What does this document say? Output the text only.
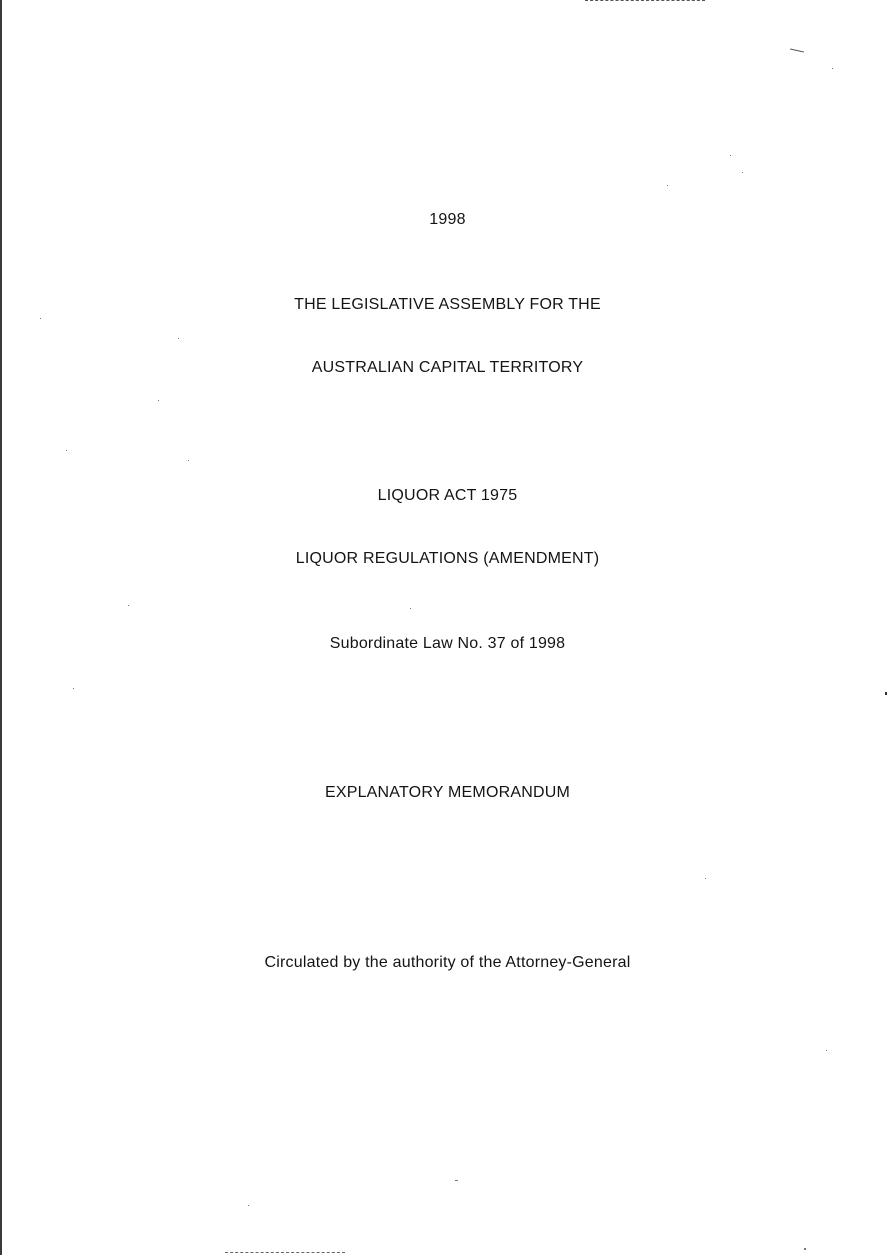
1998
THE LEGISLATIVE ASSEMBLY FOR THE
AUSTRALIAN CAPITAL TERRITORY
LIQUOR ACT 1975
LIQUOR REGULATIONS (AMENDMENT)
Subordinate Law No. 37 of 1998
EXPLANATORY MEMORANDUM
Circulated by the authority of the Attorney-General
